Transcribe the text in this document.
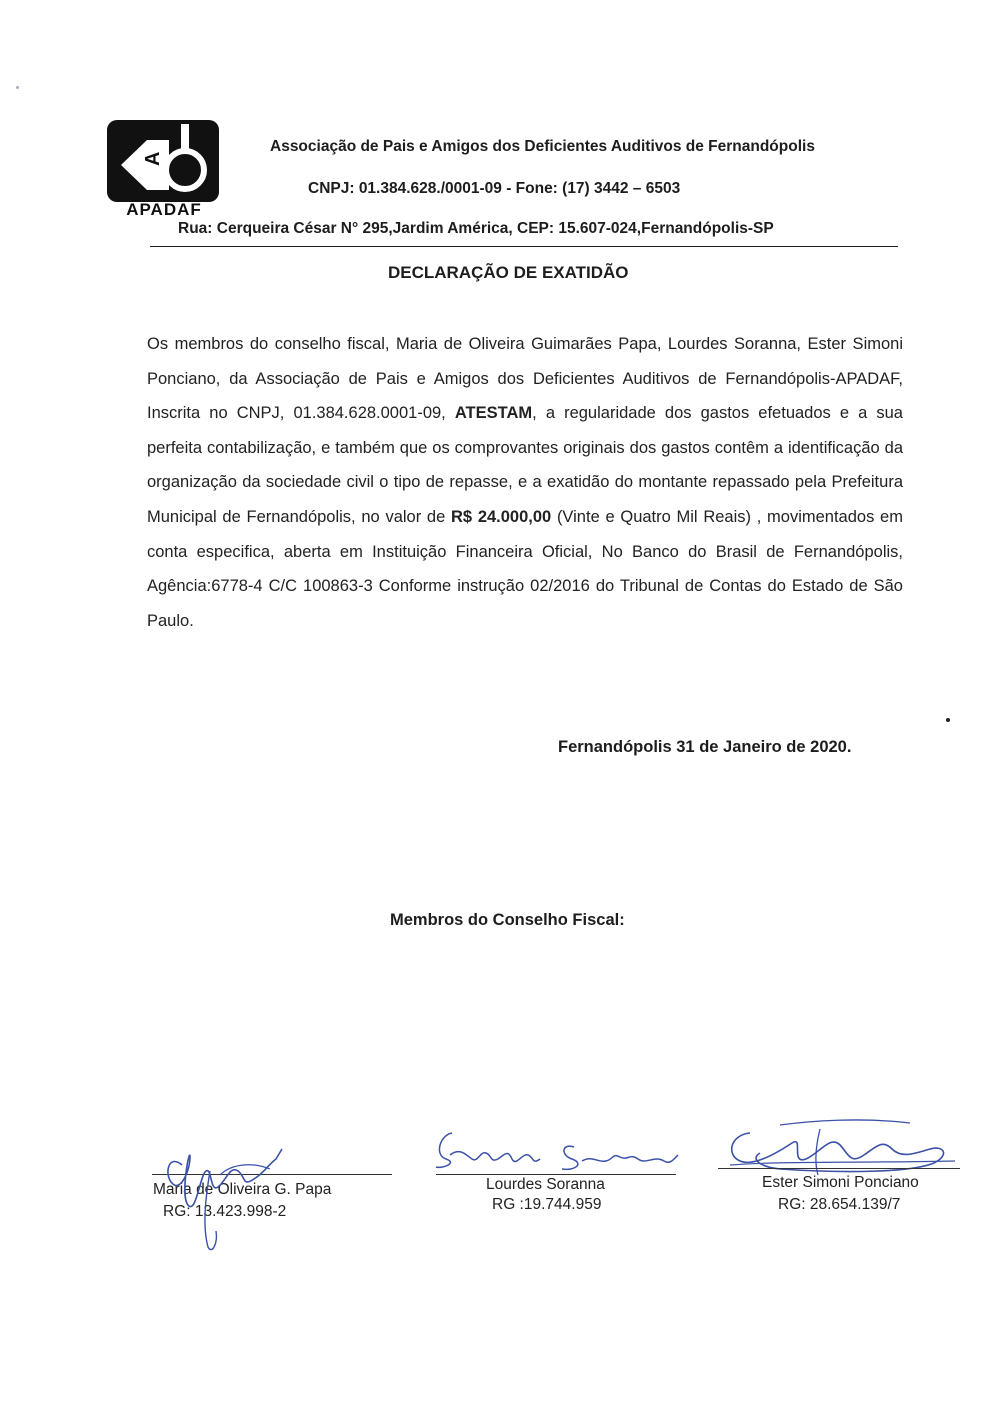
A
APADAF
Associação de Pais e Amigos dos Deficientes Auditivos de Fernandópolis
CNPJ: 01.384.628./0001-09 - Fone: (17) 3442 – 6503
Rua: Cerqueira César N° 295,Jardim América, CEP: 15.607-024,Fernandópolis-SP
DECLARAÇÃO DE EXATIDÃO
Os membros do conselho fiscal, Maria de Oliveira Guimarães Papa, Lourdes Soranna, Ester Simoni Ponciano, da Associação de Pais e Amigos dos Deficientes Auditivos de Fernandópolis-APADAF, Inscrita no CNPJ, 01.384.628.0001-09, ATESTAM, a regularidade dos gastos efetuados e a sua perfeita contabilização, e também que os comprovantes originais dos gastos contêm a identificação da organização da sociedade civil o tipo de repasse, e a exatidão do montante repassado pela Prefeitura Municipal de Fernandópolis, no valor de R$ 24.000,00 (Vinte e Quatro Mil Reais) , movimentados em conta especifica, aberta em Instituição Financeira Oficial, No Banco do Brasil de Fernandópolis, Agência:6778-4 C/C 100863-3 Conforme instrução 02/2016 do Tribunal de Contas do Estado de São Paulo.
Fernandópolis 31 de Janeiro de 2020.
Membros do Conselho Fiscal:
Maria de Oliveira G. Papa
RG: 13.423.998-2
Lourdes Soranna
RG :19.744.959
Ester Simoni Ponciano
RG: 28.654.139/7
